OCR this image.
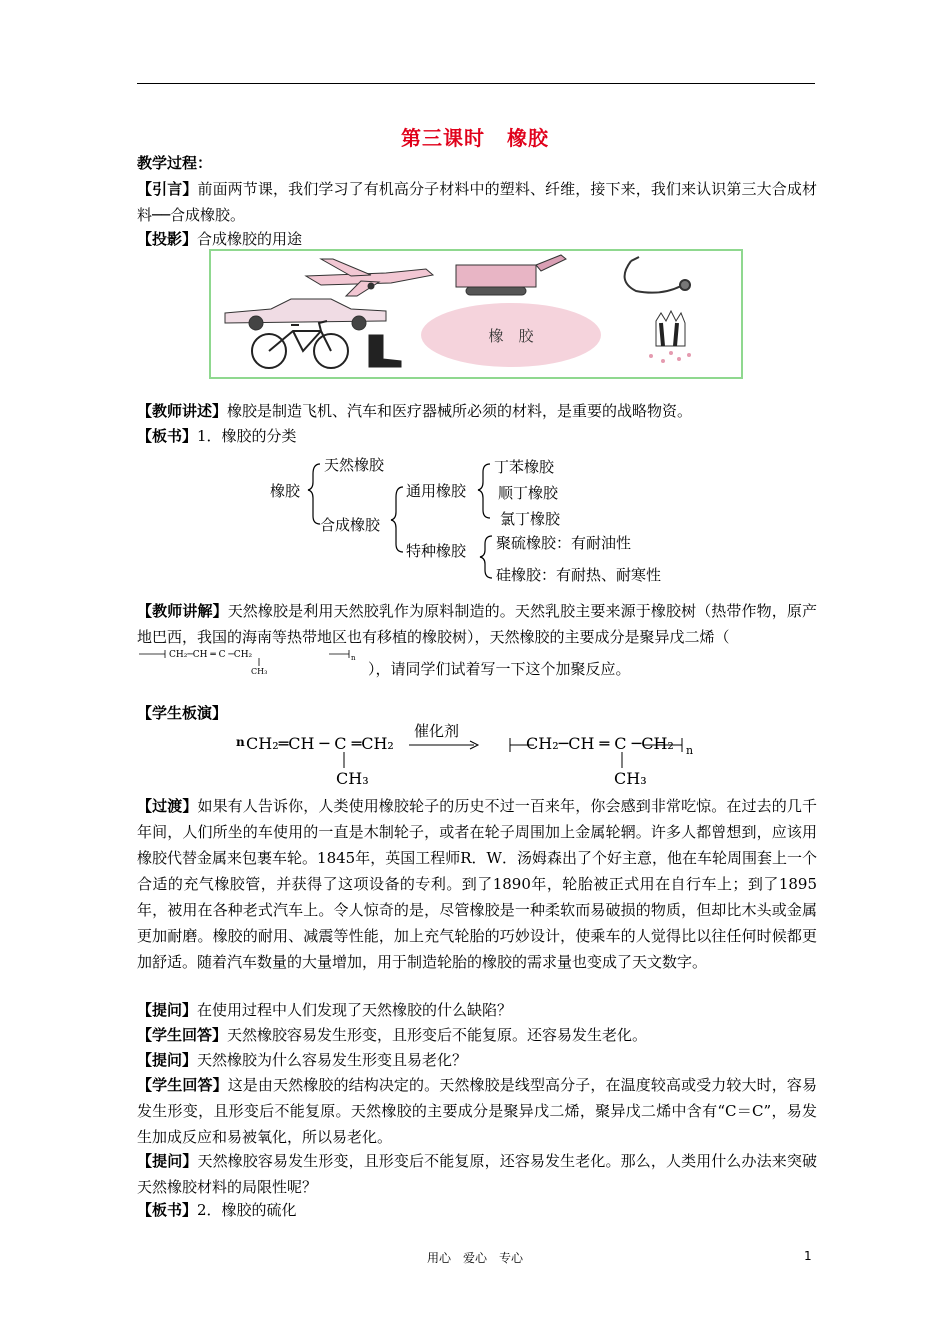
第三课时 橡胶
教学过程：
【引言】前面两节课，我们学习了有机高分子材料中的塑料、纤维，接下来，我们来认识第三大合成材料──合成橡胶。
【投影】合成橡胶的用途
橡　胶
【教师讲述】橡胶是制造飞机、汽车和医疗器械所必须的材料，是重要的战略物资。
【板书】1．橡胶的分类
橡胶
天然橡胶
合成橡胶
通用橡胶
特种橡胶
丁苯橡胶
顺丁橡胶
氯丁橡胶
聚硫橡胶：有耐油性
硅橡胶：有耐热、耐寒性
【教师讲解】天然橡胶是利用天然胶乳作为原料制造的。天然乳胶主要来源于橡胶树（热带作物，原产地巴西，我国的海南等热带地区也有移植的橡胶树），天然橡胶的主要成分是聚异戊二烯（
CH₂─CH ═ C ─CH₂	n
CH₃	），请同学们试着写一下这个加聚反应。
【学生板演】
n CH₂═CH ─ C ═CH₂
催化剂
CH₂─CH ═ C ─CH₂ n
CH₃	CH₃
【过渡】如果有人告诉你，人类使用橡胶轮子的历史不过一百来年，你会感到非常吃惊。在过去的几千年间，人们所坐的车使用的一直是木制轮子，或者在轮子周围加上金属轮辋。许多人都曾想到，应该用橡胶代替金属来包裹车轮。1845年，英国工程师R．W．汤姆森出了个好主意，他在车轮周围套上一个合适的充气橡胶管，并获得了这项设备的专利。到了1890年，轮胎被正式用在自行车上；到了1895年，被用在各种老式汽车上。令人惊奇的是，尽管橡胶是一种柔软而易破损的物质，但却比木头或金属更加耐磨。橡胶的耐用、减震等性能，加上充气轮胎的巧妙设计，使乘车的人觉得比以往任何时候都更加舒适。随着汽车数量的大量增加，用于制造轮胎的橡胶的需求量也变成了天文数字。
【提问】在使用过程中人们发现了天然橡胶的什么缺陷？
【学生回答】天然橡胶容易发生形变，且形变后不能复原。还容易发生老化。
【提问】天然橡胶为什么容易发生形变且易老化？
【学生回答】这是由天然橡胶的结构决定的。天然橡胶是线型高分子，在温度较高或受力较大时，容易发生形变，且形变后不能复原。天然橡胶的主要成分是聚异戊二烯，聚异戊二烯中含有“C＝C”，易发生加成反应和易被氧化，所以易老化。
【提问】天然橡胶容易发生形变，且形变后不能复原，还容易发生老化。那么，人类用什么办法来突破天然橡胶材料的局限性呢？
【板书】2．橡胶的硫化
用心 爱心 专心	1
